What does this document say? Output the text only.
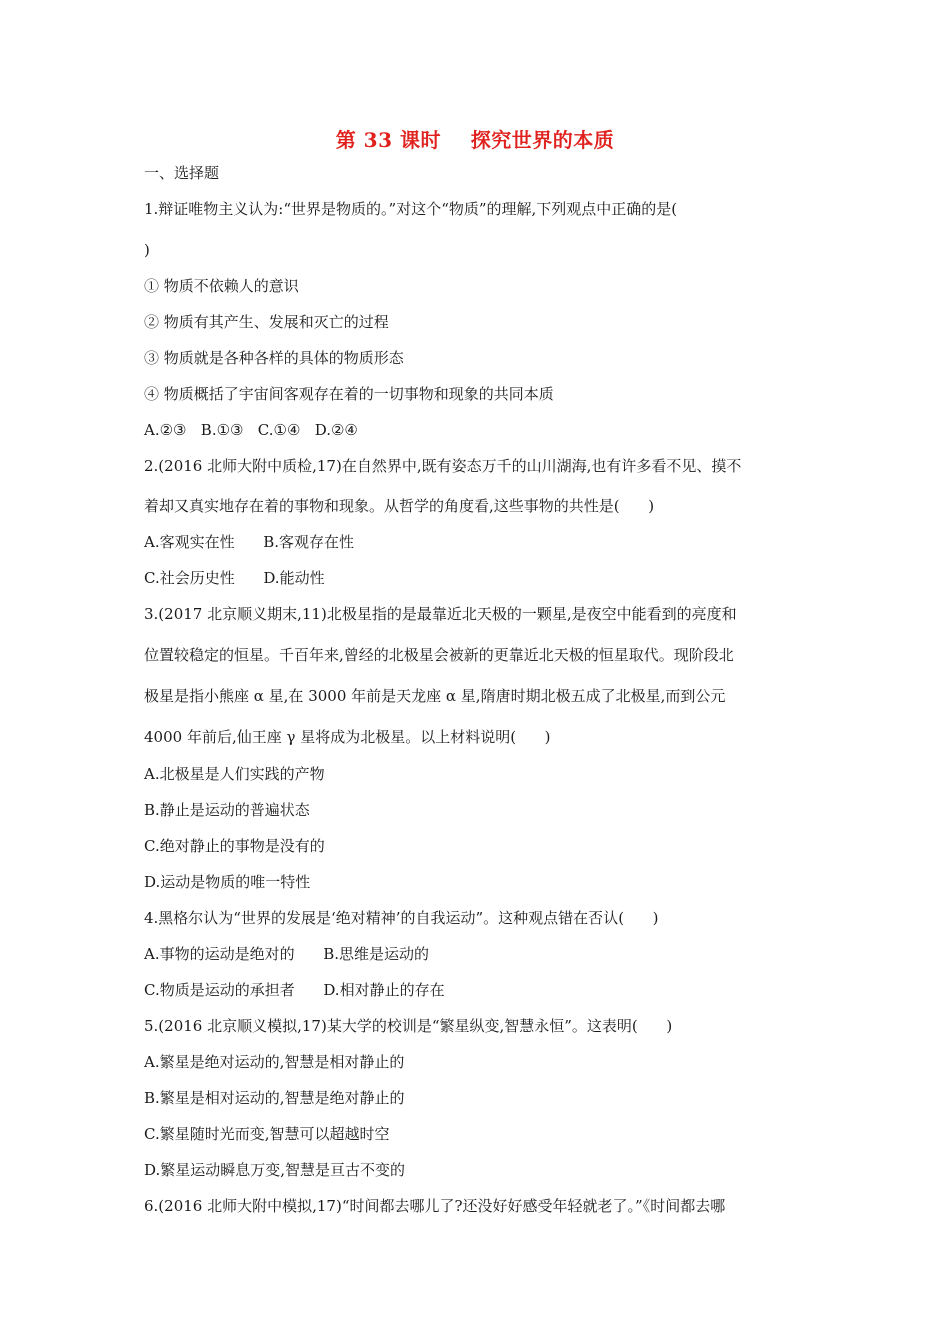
第 33 课时    探究世界的本质
一、选择题
1.辩证唯物主义认为:“世界是物质的。”对这个“物质”的理解,下列观点中正确的是(
)
① 物质不依赖人的意识
② 物质有其产生、发展和灭亡的过程
③ 物质就是各种各样的具体的物质形态
④ 物质概括了宇宙间客观存在着的一切事物和现象的共同本质
A.②③   B.①③   C.①④   D.②④
2.(2016 北师大附中质检,17)在自然界中,既有姿态万千的山川湖海,也有许多看不见、摸不
着却又真实地存在着的事物和现象。从哲学的角度看,这些事物的共性是(      )
A.客观实在性      B.客观存在性
C.社会历史性      D.能动性
3.(2017 北京顺义期末,11)北极星指的是最靠近北天极的一颗星,是夜空中能看到的亮度和
位置较稳定的恒星。千百年来,曾经的北极星会被新的更靠近北天极的恒星取代。现阶段北
极星是指小熊座 α 星,在 3000 年前是天龙座 α 星,隋唐时期北极五成了北极星,而到公元
4000 年前后,仙王座 γ 星将成为北极星。以上材料说明(      )
A.北极星是人们实践的产物
B.静止是运动的普遍状态
C.绝对静止的事物是没有的
D.运动是物质的唯一特性
4.黑格尔认为“世界的发展是‘绝对精神’的自我运动”。这种观点错在否认(      )
A.事物的运动是绝对的      B.思维是运动的
C.物质是运动的承担者      D.相对静止的存在
5.(2016 北京顺义模拟,17)某大学的校训是“繁星纵变,智慧永恒”。这表明(      )
A.繁星是绝对运动的,智慧是相对静止的
B.繁星是相对运动的,智慧是绝对静止的
C.繁星随时光而变,智慧可以超越时空
D.繁星运动瞬息万变,智慧是亘古不变的
6.(2016 北师大附中模拟,17)“时间都去哪儿了?还没好好感受年轻就老了。”《时间都去哪
